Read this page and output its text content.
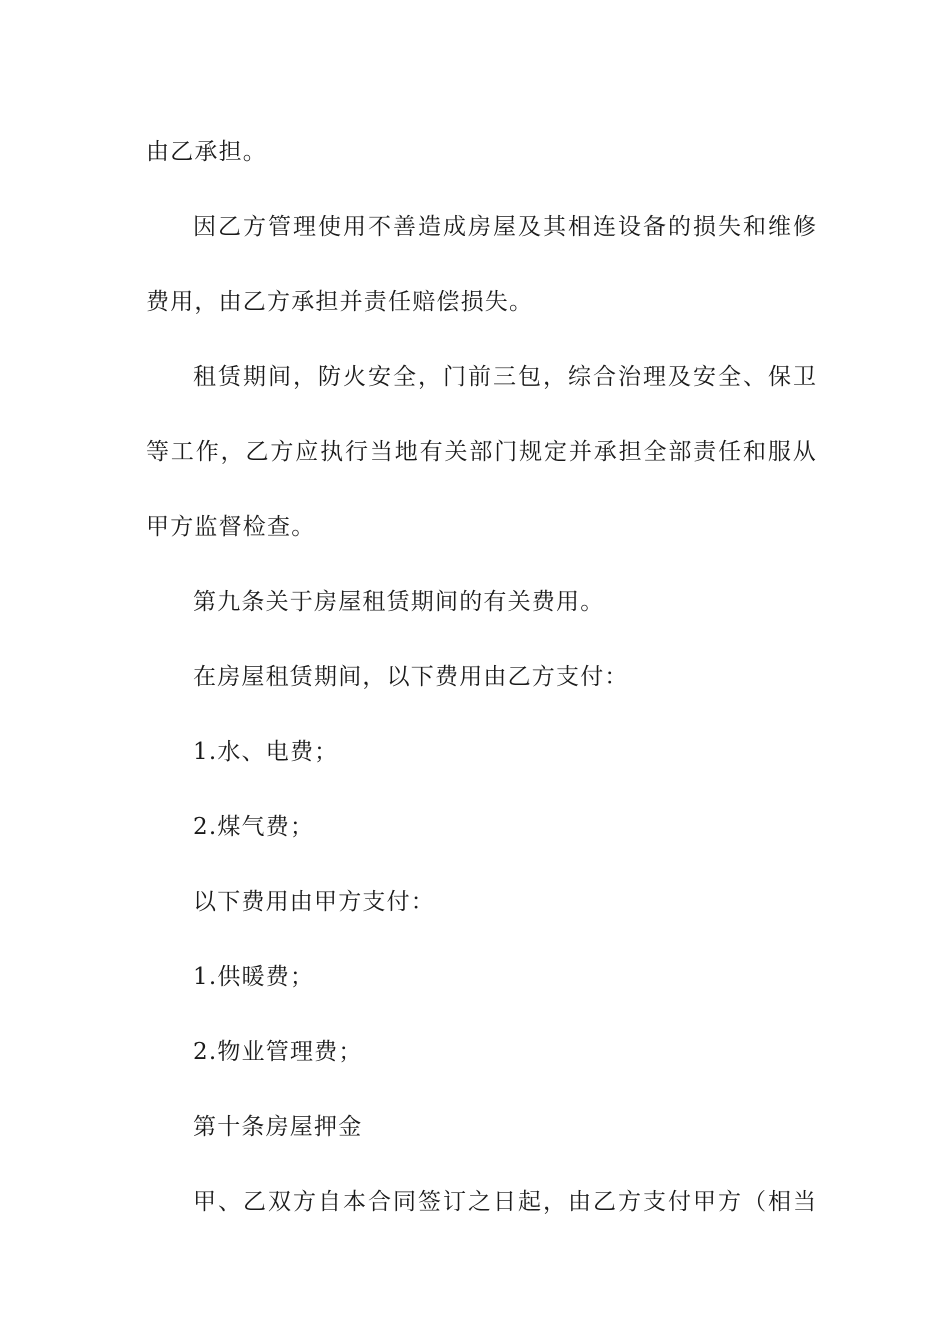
由乙承担。
因 乙 方 管 理 使 用 不 善 造 成 房 屋 及 其 相 连 设 备 的 损 失 和 维 修
费用，由乙方承担并责任赔偿损失。
租 赁 期 间 ， 防 火 安 全 ， 门 前 三 包 ， 综 合 治 理 及 安 全 、 保 卫
等 工 作 ， 乙 方 应 执 行 当 地 有 关 部 门 规 定 并 承 担 全 部 责 任 和 服 从
甲方监督检查。
第九条关于房屋租赁期间的有关费用。
在房屋租赁期间，以下费用由乙方支付：
1.水、电费；
2.煤气费；
以下费用由甲方支付：
1.供暖费；
2.物业管理费；
第十条房屋押金
甲 、 乙 双 方 自 本 合 同 签 订 之 日 起 ， 由 乙 方 支 付 甲 方 （ 相 当
